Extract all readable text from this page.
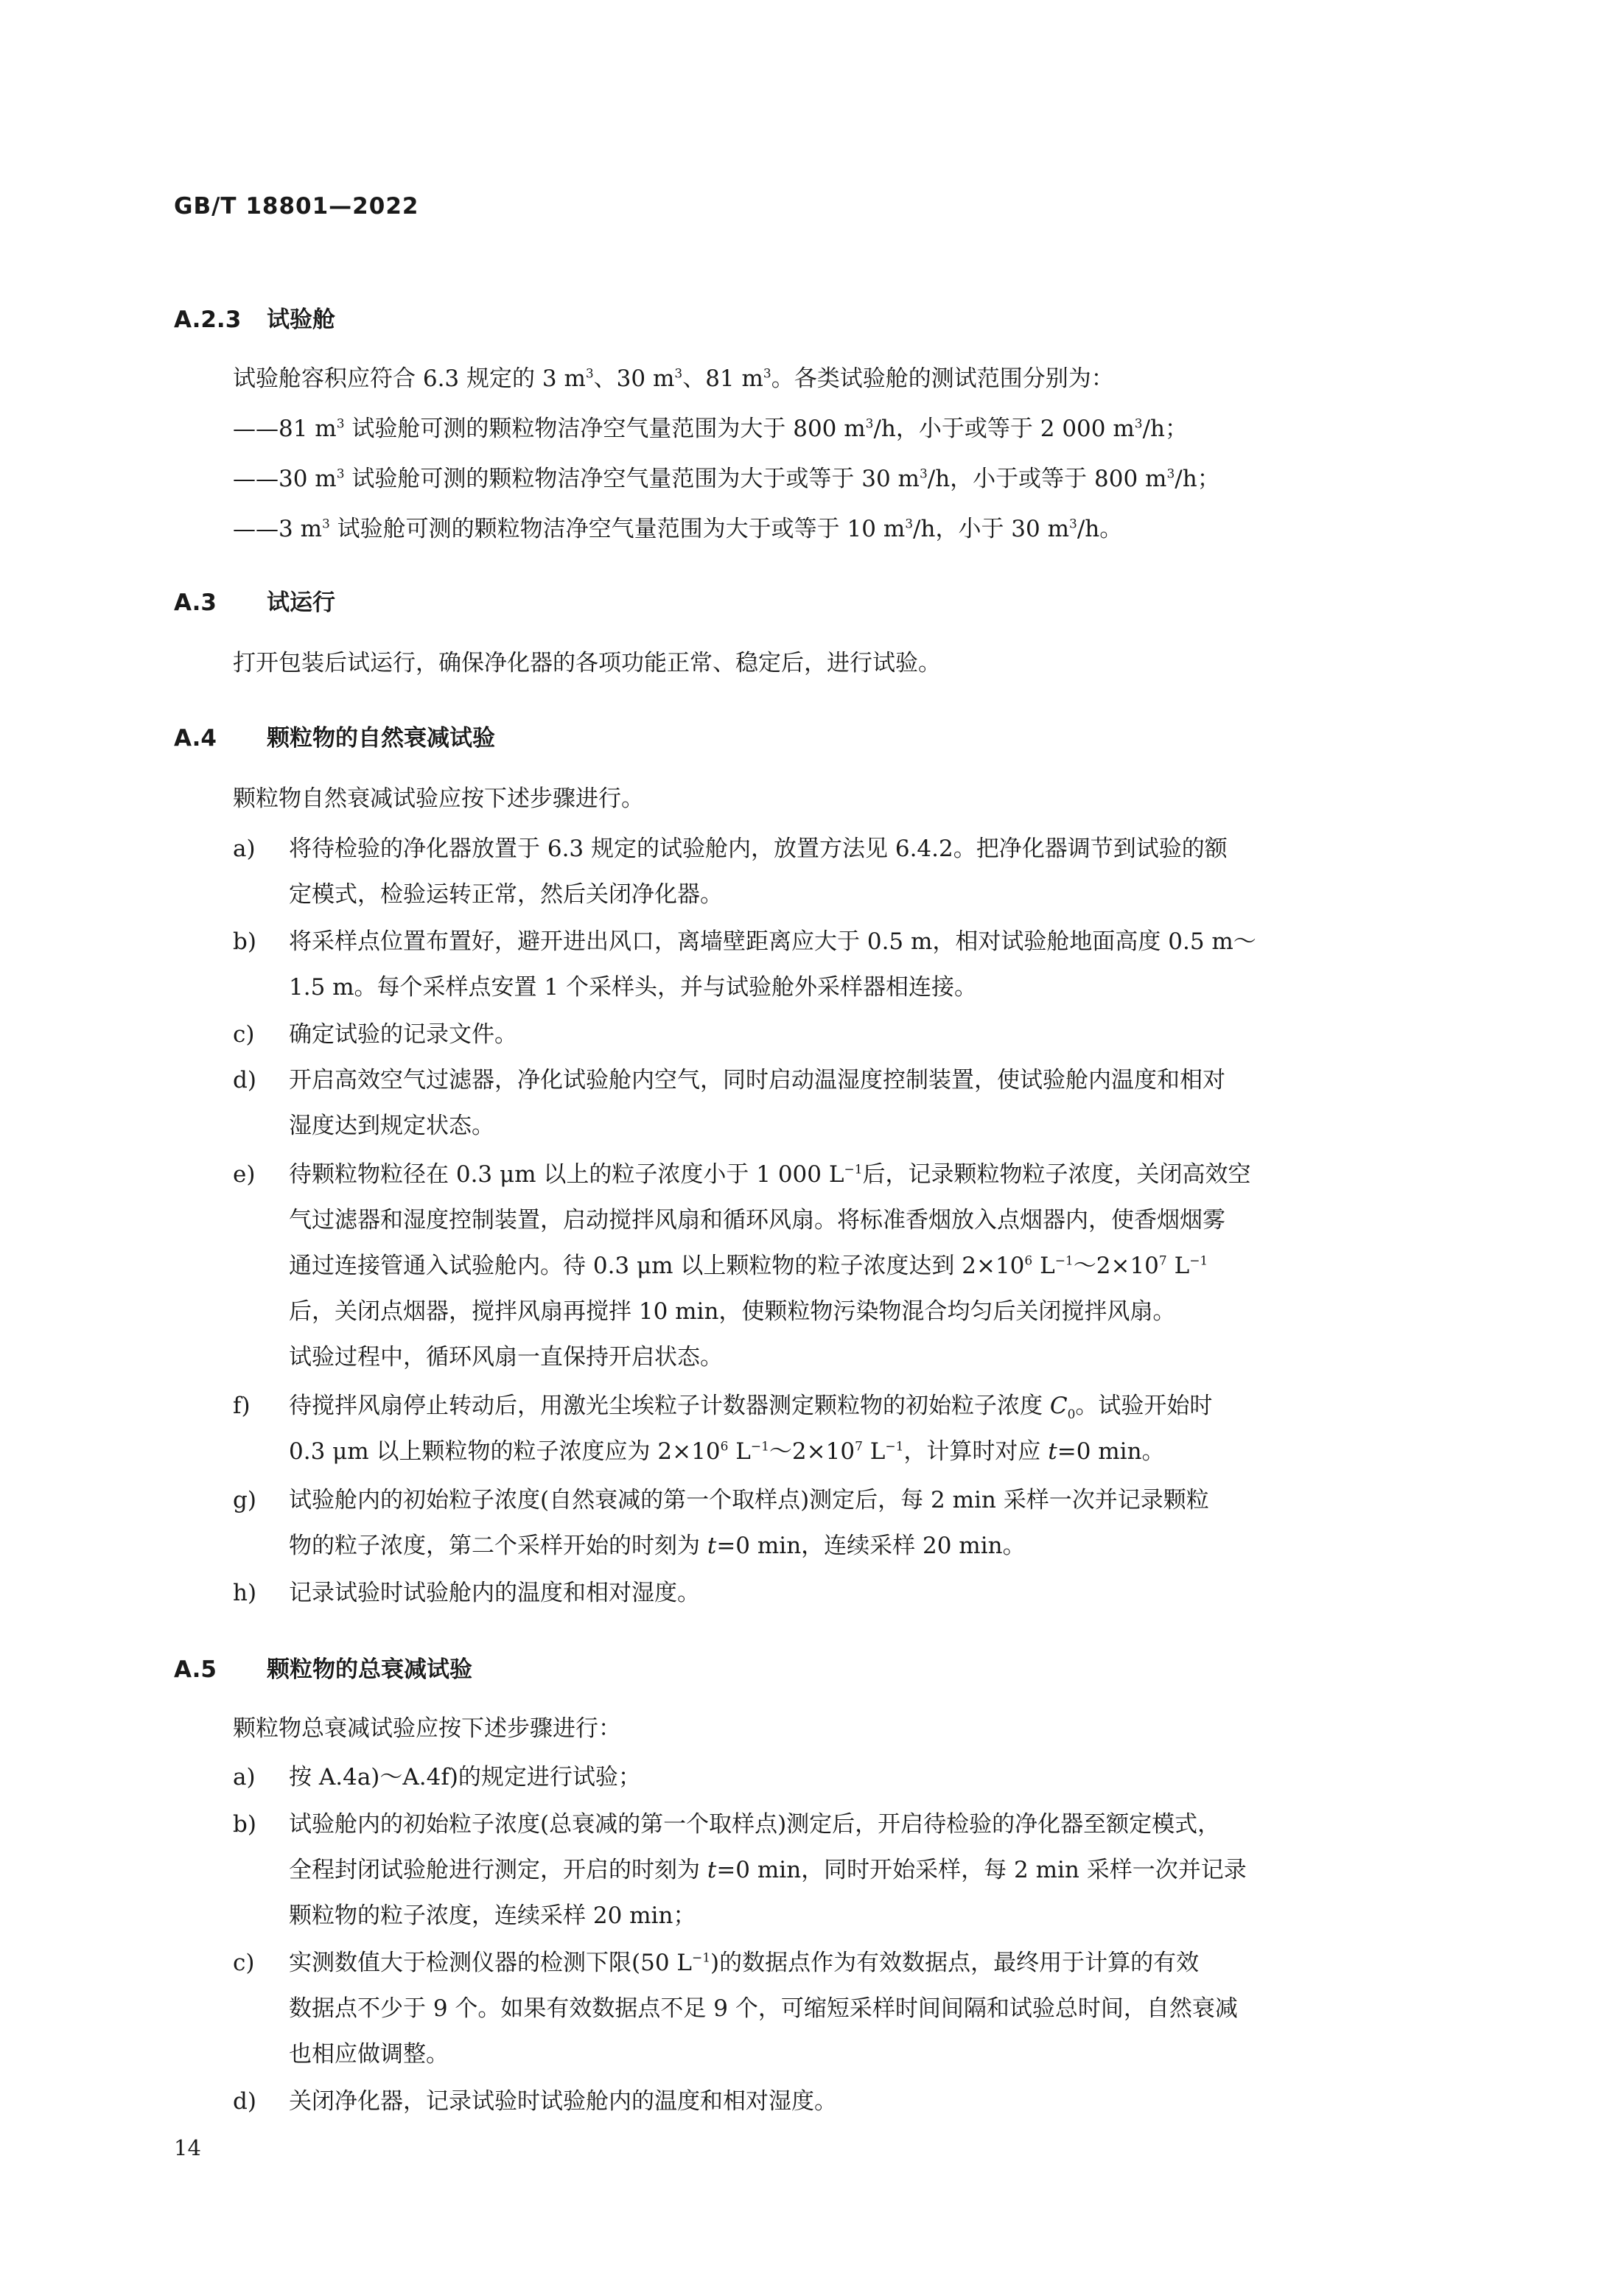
GB/T 18801—2022
A.2.3 试验舱
试验舱容积应符合 6.3 规定的 3 $m^3$、30 $m^3$、81 $m^3$。各类试验舱的测试范围分别为：
——81 $m^3$ 试验舱可测的颗粒物洁净空气量范围为大于 800 $m^3/h$，小于或等于 2 000 $m^3/h$；
——30 $m^3$ 试验舱可测的颗粒物洁净空气量范围为大于或等于 30 $m^3/h$，小于或等于 800 $m^3/h$；
——3 $m^3$ 试验舱可测的颗粒物洁净空气量范围为大于或等于 10 $m^3/h$，小于 30 $m^3/h$。
A.3 试运行
打开包装后试运行，确保净化器的各项功能正常、稳定后，进行试验。
A.4 颗粒物的自然衰减试验
颗粒物自然衰减试验应按下述步骤进行。
a) 将待检验的净化器放置于 6.3 规定的试验舱内，放置方法见 6.4.2。把净化器调节到试验的额
定模式，检验运转正常，然后关闭净化器。
b) 将采样点位置布置好，避开进出风口，离墙壁距离应大于 0.5 m，相对试验舱地面高度 0.5 m～
1.5 m。每个采样点安置 1 个采样头，并与试验舱外采样器相连接。
c) 确定试验的记录文件。
d) 开启高效空气过滤器，净化试验舱内空气，同时启动温湿度控制装置，使试验舱内温度和相对
湿度达到规定状态。
e) 待颗粒物粒径在 0.3 μm 以上的粒子浓度小于 1 000 $L^{-1}$后，记录颗粒物粒子浓度，关闭高效空
气过滤器和湿度控制装置，启动搅拌风扇和循环风扇。将标准香烟放入点烟器内，使香烟烟雾
通过连接管通入试验舱内。待 0.3 μm 以上颗粒物的粒子浓度达到 $2\times 10^6$ $L^{-1}\sim 2\times 10^7$ $L^{-1}$
后，关闭点烟器，搅拌风扇再搅拌 10 min，使颗粒物污染物混合均匀后关闭搅拌风扇。
试验过程中，循环风扇一直保持开启状态。
f) 待搅拌风扇停止转动后，用激光尘埃粒子计数器测定颗粒物的初始粒子浓度 $C_0$。试验开始时
0.3 μm 以上颗粒物的粒子浓度应为 $2\times 10^6$ $L^{-1}\sim 2\times 10^7$ $L^{-1}$，计算时对应 t=0 min。
g) 试验舱内的初始粒子浓度(自然衰减的第一个取样点)测定后，每 2 min 采样一次并记录颗粒
物的粒子浓度，第二个采样开始的时刻为 t=0 min，连续采样 20 min。
h) 记录试验时试验舱内的温度和相对湿度。
A.5 颗粒物的总衰减试验
颗粒物总衰减试验应按下述步骤进行：
a) 按 A.4a)～A.4f)的规定进行试验；
b) 试验舱内的初始粒子浓度(总衰减的第一个取样点)测定后，开启待检验的净化器至额定模式，
全程封闭试验舱进行测定，开启的时刻为 t=0 min，同时开始采样，每 2 min 采样一次并记录
颗粒物的粒子浓度，连续采样 20 min；
c) 实测数值大于检测仪器的检测下限(50 $L^{-1}$)的数据点作为有效数据点，最终用于计算的有效
数据点不少于 9 个。如果有效数据点不足 9 个，可缩短采样时间间隔和试验总时间，自然衰减
也相应做调整。
d) 关闭净化器，记录试验时试验舱内的温度和相对湿度。
14
